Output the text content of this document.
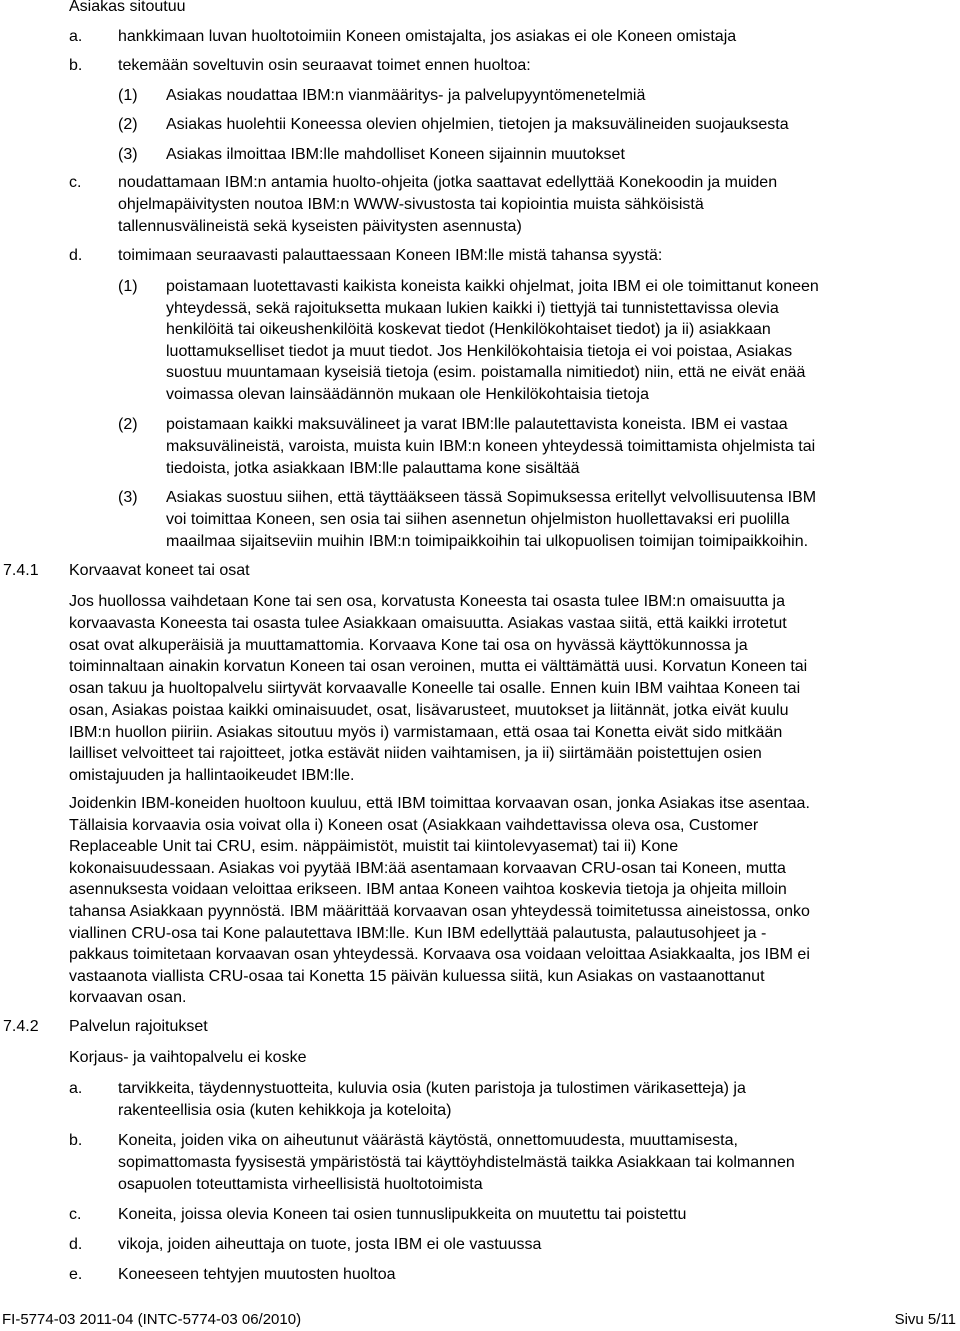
Asiakas sitoutuu
a. hankkimaan luvan huoltotoimiin Koneen omistajalta, jos asiakas ei ole Koneen omistaja
b. tekemään soveltuvin osin seuraavat toimet ennen huoltoa:
(1) Asiakas noudattaa IBM:n vianmääritys- ja palvelupyyntömenetelmiä
(2) Asiakas huolehtii Koneessa olevien ohjelmien, tietojen ja maksuvälineiden suojauksesta
(3) Asiakas ilmoittaa IBM:lle mahdolliset Koneen sijainnin muutokset
c. noudattamaan IBM:n antamia huolto-ohjeita (jotka saattavat edellyttää Konekoodin ja muiden
ohjelmapäivitysten noutoa IBM:n WWW-sivustosta tai kopiointia muista sähköisistä
tallennusvälineistä sekä kyseisten päivitysten asennusta)
d. toimimaan seuraavasti palauttaessaan Koneen IBM:lle mistä tahansa syystä:
(1) poistamaan luotettavasti kaikista koneista kaikki ohjelmat, joita IBM ei ole toimittanut koneen
yhteydessä, sekä rajoituksetta mukaan lukien kaikki i) tiettyjä tai tunnistettavissa olevia
henkilöitä tai oikeushenkilöitä koskevat tiedot (Henkilökohtaiset tiedot) ja ii) asiakkaan
luottamukselliset tiedot ja muut tiedot. Jos Henkilökohtaisia tietoja ei voi poistaa, Asiakas
suostuu muuntamaan kyseisiä tietoja (esim. poistamalla nimitiedot) niin, että ne eivät enää
voimassa olevan lainsäädännön mukaan ole Henkilökohtaisia tietoja
(2) poistamaan kaikki maksuvälineet ja varat IBM:lle palautettavista koneista. IBM ei vastaa
maksuvälineistä, varoista, muista kuin IBM:n koneen yhteydessä toimittamista ohjelmista tai
tiedoista, jotka asiakkaan IBM:lle palauttama kone sisältää
(3) Asiakas suostuu siihen, että täyttääkseen tässä Sopimuksessa eritellyt velvollisuutensa IBM
voi toimittaa Koneen, sen osia tai siihen asennetun ohjelmiston huollettavaksi eri puolilla
maailmaa sijaitseviin muihin IBM:n toimipaikkoihin tai ulkopuolisen toimijan toimipaikkoihin.
7.4.1 Korvaavat koneet tai osat
Jos huollossa vaihdetaan Kone tai sen osa, korvatusta Koneesta tai osasta tulee IBM:n omaisuutta ja
korvaavasta Koneesta tai osasta tulee Asiakkaan omaisuutta. Asiakas vastaa siitä, että kaikki irrotetut
osat ovat alkuperäisiä ja muuttamattomia. Korvaava Kone tai osa on hyvässä käyttökunnossa ja
toiminnaltaan ainakin korvatun Koneen tai osan veroinen, mutta ei välttämättä uusi. Korvatun Koneen tai
osan takuu ja huoltopalvelu siirtyvät korvaavalle Koneelle tai osalle. Ennen kuin IBM vaihtaa Koneen tai
osan, Asiakas poistaa kaikki ominaisuudet, osat, lisävarusteet, muutokset ja liitännät, jotka eivät kuulu
IBM:n huollon piiriin. Asiakas sitoutuu myös i) varmistamaan, että osaa tai Konetta eivät sido mitkään
lailliset velvoitteet tai rajoitteet, jotka estävät niiden vaihtamisen, ja ii) siirtämään poistettujen osien
omistajuuden ja hallintaoikeudet IBM:lle.
Joidenkin IBM-koneiden huoltoon kuuluu, että IBM toimittaa korvaavan osan, jonka Asiakas itse asentaa.
Tällaisia korvaavia osia voivat olla i) Koneen osat (Asiakkaan vaihdettavissa oleva osa, Customer
Replaceable Unit tai CRU, esim. näppäimistöt, muistit tai kiintolevyasemat) tai ii) Kone
kokonaisuudessaan. Asiakas voi pyytää IBM:ää asentamaan korvaavan CRU-osan tai Koneen, mutta
asennuksesta voidaan veloittaa erikseen. IBM antaa Koneen vaihtoa koskevia tietoja ja ohjeita milloin
tahansa Asiakkaan pyynnöstä. IBM määrittää korvaavan osan yhteydessä toimitetussa aineistossa, onko
viallinen CRU-osa tai Kone palautettava IBM:lle. Kun IBM edellyttää palautusta, palautusohjeet ja -
pakkaus toimitetaan korvaavan osan yhteydessä. Korvaava osa voidaan veloittaa Asiakkaalta, jos IBM ei
vastaanota viallista CRU-osaa tai Konetta 15 päivän kuluessa siitä, kun Asiakas on vastaanottanut
korvaavan osan.
7.4.2 Palvelun rajoitukset
Korjaus- ja vaihtopalvelu ei koske
a. tarvikkeita, täydennystuotteita, kuluvia osia (kuten paristoja ja tulostimen värikasetteja) ja
rakenteellisia osia (kuten kehikkoja ja koteloita)
b. Koneita, joiden vika on aiheutunut väärästä käytöstä, onnettomuudesta, muuttamisesta,
sopimattomasta fyysisestä ympäristöstä tai käyttöyhdistelmästä taikka Asiakkaan tai kolmannen
osapuolen toteuttamista virheellisistä huoltotoimista
c. Koneita, joissa olevia Koneen tai osien tunnuslipukkeita on muutettu tai poistettu
d. vikoja, joiden aiheuttaja on tuote, josta IBM ei ole vastuussa
e. Koneeseen tehtyjen muutosten huoltoa
FI-5774-03 2011-04 (INTC-5774-03 06/2010)	Sivu 5/11
